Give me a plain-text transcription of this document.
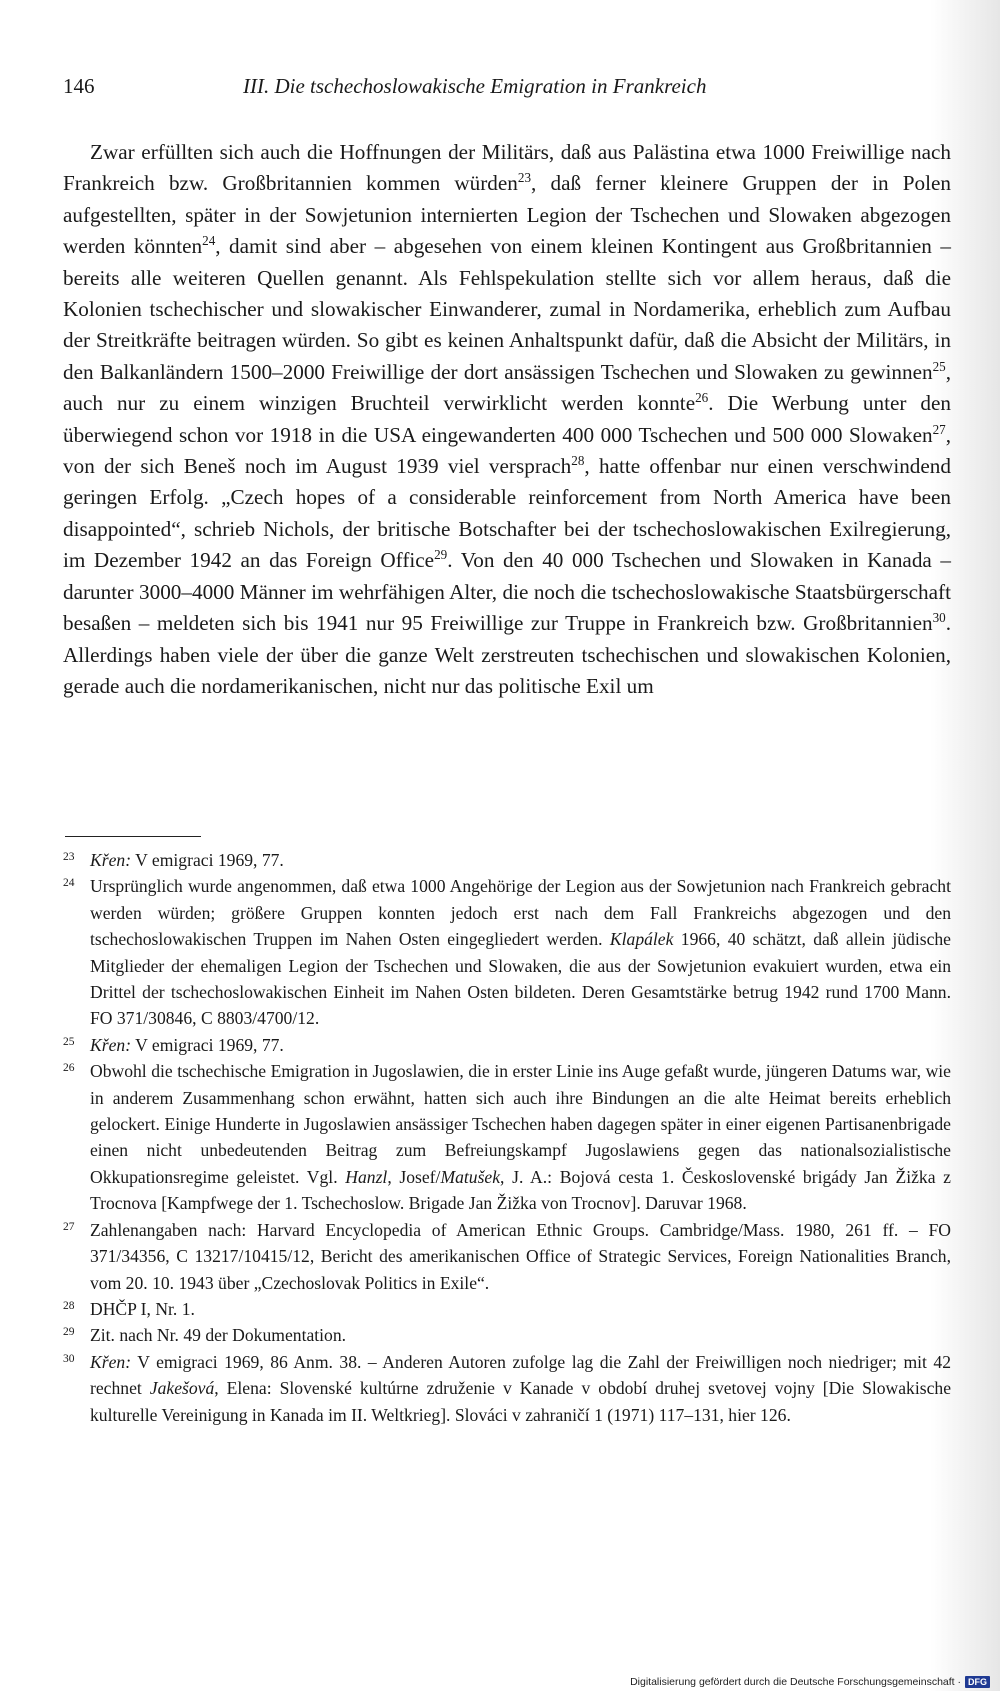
146	III. Die tschechoslowakische Emigration in Frankreich

Zwar erfüllten sich auch die Hoffnungen der Militärs, daß aus Palästina etwa 1000 Freiwillige nach Frankreich bzw. Großbritannien kommen würden$^{23}$, daß ferner kleinere Gruppen der in Polen aufgestellten, später in der Sowjetunion internierten Legion der Tschechen und Slowaken abgezogen werden könnten$^{24}$, damit sind aber – abgesehen von einem kleinen Kontingent aus Großbritannien – bereits alle weiteren Quellen genannt. Als Fehlspekulation stellte sich vor allem heraus, daß die Kolonien tschechischer und slowakischer Einwanderer, zumal in Nordamerika, erheblich zum Aufbau der Streitkräfte beitragen würden. So gibt es keinen Anhaltspunkt dafür, daß die Absicht der Militärs, in den Balkanländern 1500–2000 Freiwillige der dort ansässigen Tschechen und Slowaken zu gewinnen$^{25}$, auch nur zu einem winzigen Bruchteil verwirklicht werden konnte$^{26}$. Die Werbung unter den überwiegend schon vor 1918 in die USA eingewanderten 400 000 Tschechen und 500 000 Slowaken$^{27}$, von der sich Beneš noch im August 1939 viel versprach$^{28}$, hatte offenbar nur einen verschwindend geringen Erfolg. „Czech hopes of a considerable reinforcement from North America have been disappointed“, schrieb Nichols, der britische Botschafter bei der tschechoslowakischen Exilregierung, im Dezember 1942 an das Foreign Office$^{29}$. Von den 40 000 Tschechen und Slowaken in Kanada – darunter 3000–4000 Männer im wehrfähigen Alter, die noch die tschechoslowakische Staatsbürgerschaft besaßen – meldeten sich bis 1941 nur 95 Freiwillige zur Truppe in Frankreich bzw. Großbritannien$^{30}$. Allerdings haben viele der über die ganze Welt zerstreuten tschechischen und slowakischen Kolonien, gerade auch die nordamerikanischen, nicht nur das politische Exil um

23 Křen: V emigraci 1969, 77.
24 Ursprünglich wurde angenommen, daß etwa 1000 Angehörige der Legion aus der Sowjetunion nach Frankreich gebracht werden würden; größere Gruppen konnten jedoch erst nach dem Fall Frankreichs abgezogen und den tschechoslowakischen Truppen im Nahen Osten eingegliedert werden. Klapálek 1966, 40 schätzt, daß allein jüdische Mitglieder der ehemaligen Legion der Tschechen und Slowaken, die aus der Sowjetunion evakuiert wurden, etwa ein Drittel der tschechoslowakischen Einheit im Nahen Osten bildeten. Deren Gesamtstärke betrug 1942 rund 1700 Mann. FO 371/30846, C 8803/4700/12.
25 Křen: V emigraci 1969, 77.
26 Obwohl die tschechische Emigration in Jugoslawien, die in erster Linie ins Auge gefaßt wurde, jüngeren Datums war, wie in anderem Zusammenhang schon erwähnt, hatten sich auch ihre Bindungen an die alte Heimat bereits erheblich gelockert. Einige Hunderte in Jugoslawien ansässiger Tschechen haben dagegen später in einer eigenen Partisanenbrigade einen nicht unbedeutenden Beitrag zum Befreiungskampf Jugoslawiens gegen das nationalsozialistische Okkupationsregime geleistet. Vgl. Hanzl, Josef/Matušek, J. A.: Bojová cesta 1. Československé brigády Jan Žižka z Trocnova [Kampfwege der 1. Tschechoslow. Brigade Jan Žižka von Trocnov]. Daruvar 1968.
27 Zahlenangaben nach: Harvard Encyclopedia of American Ethnic Groups. Cambridge/Mass. 1980, 261 ff. – FO 371/34356, C 13217/10415/12, Bericht des amerikanischen Office of Strategic Services, Foreign Nationalities Branch, vom 20. 10. 1943 über „Czechoslovak Politics in Exile“.
28 DHČP I, Nr. 1.
29 Zit. nach Nr. 49 der Dokumentation.
30 Křen: V emigraci 1969, 86 Anm. 38. – Anderen Autoren zufolge lag die Zahl der Freiwilligen noch niedriger; mit 42 rechnet Jakešová, Elena: Slovenské kultúrne združenie v Kanade v období druhej svetovej vojny [Die Slowakische kulturelle Vereinigung in Kanada im II. Weltkrieg]. Slováci v zahraničí 1 (1971) 117–131, hier 126.
Digitalisierung gefördert durch die Deutsche Forschungsgemeinschaft · DFG
